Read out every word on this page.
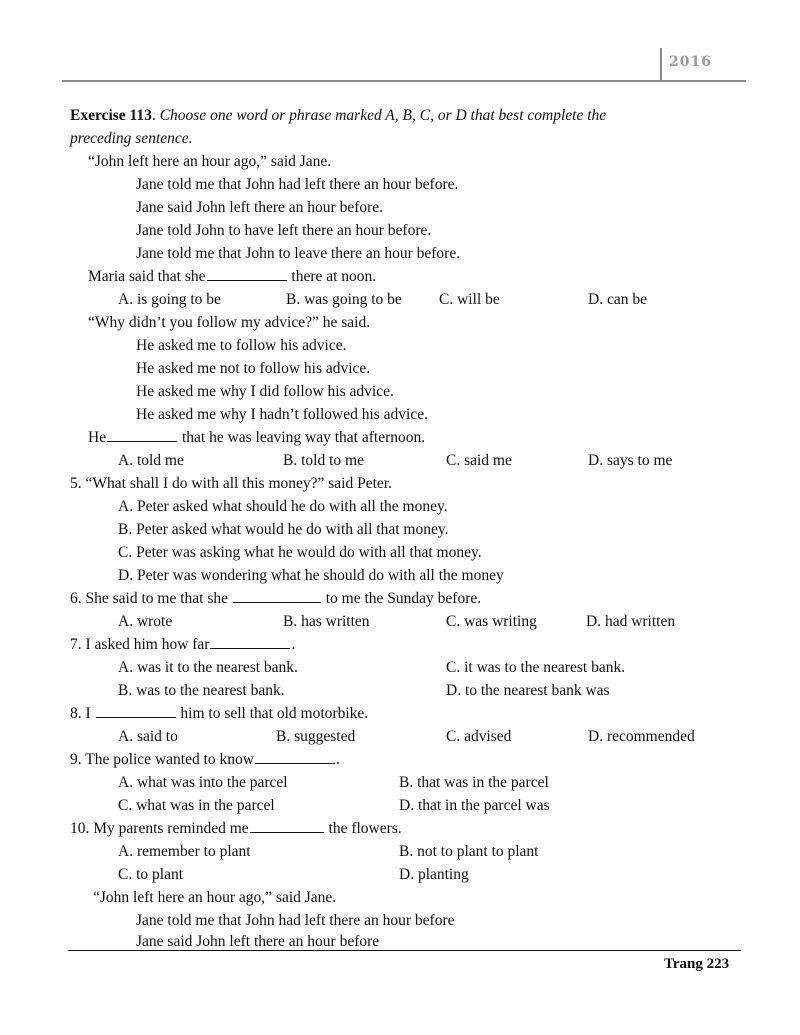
2016
Exercise 113. Choose one word or phrase marked A, B, C, or D that best complete the
preceding sentence.
“John left here an hour ago,” said Jane.
Jane told me that John had left there an hour before.
Jane said John left there an hour before.
Jane told John to have left there an hour before.
Jane told me that John to leave there an hour before.
Maria said that she	there at noon.
A. is going to be	B. was going to be C. will be	D. can be
“Why didn’t you follow my advice?” he said.
He asked me to follow his advice.
He asked me not to follow his advice.
He asked me why I did follow his advice.
He asked me why I hadn’t followed his advice.
He	that he was leaving way that afternoon.
A. told me	B. told to me	C. said me	D. says to me
5. “What shall I do with all this money?” said Peter.
A. Peter asked what should he do with all the money.
B. Peter asked what would he do with all that money.
C. Peter was asking what he would do with all that money.
D. Peter was wondering what he should do with all the money
6. She said to me that she	to me the Sunday before.
A. wrote	B. has written	C. was writing	D. had written
7. I asked him how far	.
A. was it to the nearest bank.	C. it was to the nearest bank.
B. was to the nearest bank.	D. to the nearest bank was
8. I	him to sell that old motorbike.
A. said to	B. suggested	C. advised	D. recommended
9. The police wanted to know	.
A. what was into the parcel	B. that was in the parcel
C. what was in the parcel	D. that in the parcel was
10. My parents reminded me	the flowers.
A. remember to plant	B. not to plant to plant
C. to plant	D. planting
“John left here an hour ago,” said Jane.
Jane told me that John had left there an hour before
Jane said John left there an hour before
Trang 223
